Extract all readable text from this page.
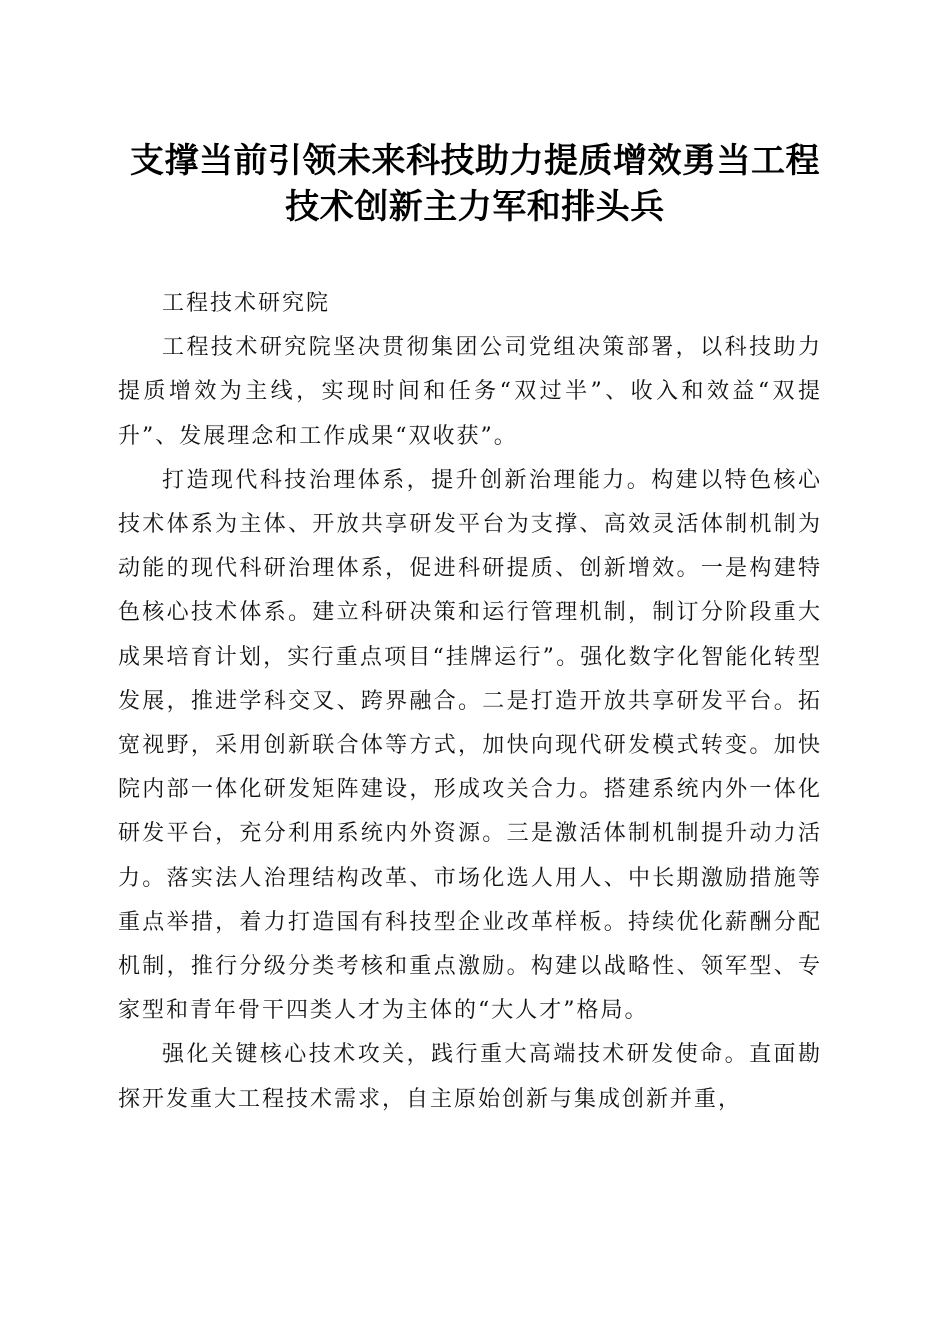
支撑当前引领未来科技助力提质增效勇当工程
技术创新主力军和排头兵

工程技术研究院

工程技术研究院坚决贯彻集团公司党组决策部署，以科技助力提质增效为主线，实现时间和任务“双过半”、收入和效益“双提升”、发展理念和工作成果“双收获”。

打造现代科技治理体系，提升创新治理能力。构建以特色核心技术体系为主体、开放共享研发平台为支撑、高效灵活体制机制为动能的现代科研治理体系，促进科研提质、创新增效。一是构建特色核心技术体系。建立科研决策和运行管理机制，制订分阶段重大成果培育计划，实行重点项目“挂牌运行”。强化数字化智能化转型发展，推进学科交叉、跨界融合。二是打造开放共享研发平台。拓宽视野，采用创新联合体等方式，加快向现代研发模式转变。加快院内部一体化研发矩阵建设，形成攻关合力。搭建系统内外一体化研发平台，充分利用系统内外资源。三是激活体制机制提升动力活力。落实法人治理结构改革、市场化选人用人、中长期激励措施等重点举措，着力打造国有科技型企业改革样板。持续优化薪酬分配机制，推行分级分类考核和重点激励。构建以战略性、领军型、专家型和青年骨干四类人才为主体的“大人才”格局。

强化关键核心技术攻关，践行重大高端技术研发使命。直面勘探开发重大工程技术需求，自主原始创新与集成创新并重，
